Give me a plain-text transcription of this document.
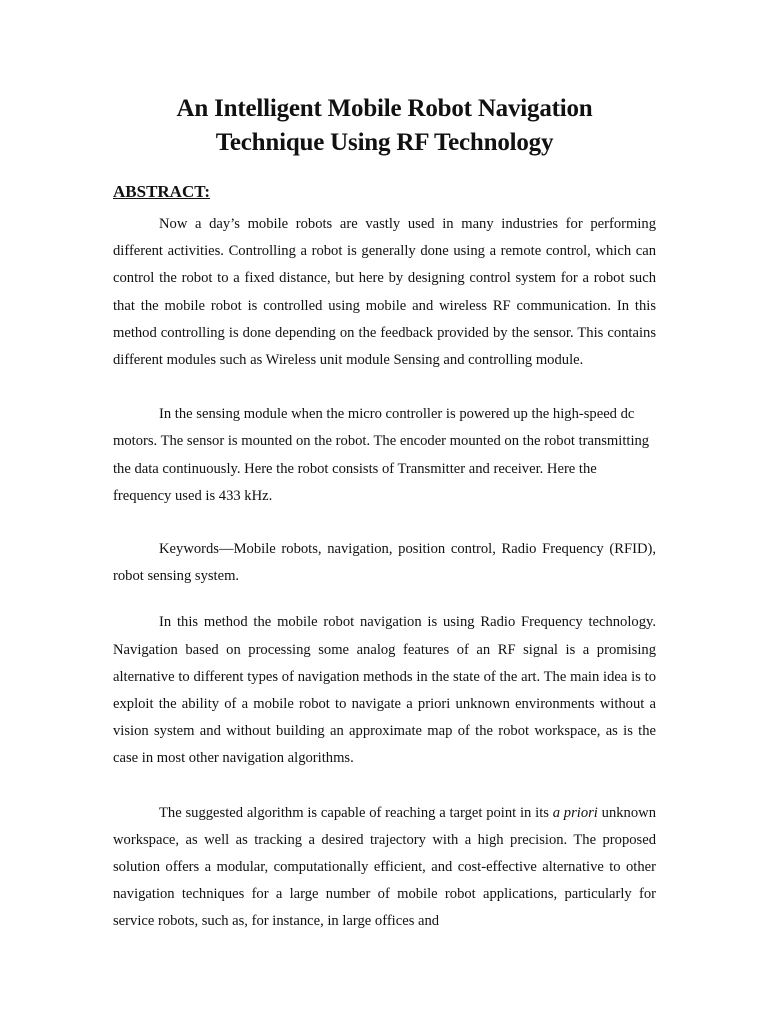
An Intelligent Mobile Robot Navigation
Technique Using RF Technology
ABSTRACT:

Now a day’s mobile robots are vastly used in many industries for performing different activities. Controlling a robot is generally done using a remote control, which can control the robot to a fixed distance, but here by designing control system for a robot such that the mobile robot is controlled using mobile and wireless RF communication. In this method controlling is done depending on the feedback provided by the sensor. This contains different modules such as Wireless unit module Sensing and controlling module.

In the sensing module when the micro controller is powered up the high-speed dc motors. The sensor is mounted on the robot. The encoder mounted on the robot transmitting the data continuously. Here the robot consists of Transmitter and receiver. Here the frequency used is 433 kHz.

Keywords—Mobile robots, navigation, position control, Radio Frequency (RFID), robot sensing system.

In this method the mobile robot navigation is using Radio Frequency technology. Navigation based on processing some analog features of an RF signal is a promising alternative to different types of navigation methods in the state of the art. The main idea is to exploit the ability of a mobile robot to navigate a priori unknown environments without a vision system and without building an approximate map of the robot workspace, as is the case in most other navigation algorithms.

The suggested algorithm is capable of reaching a target point in its a priori unknown workspace, as well as tracking a desired trajectory with a high precision. The proposed solution offers a modular, computationally efficient, and cost-effective alternative to other navigation techniques for a large number of mobile robot applications, particularly for service robots, such as, for instance, in large offices and
